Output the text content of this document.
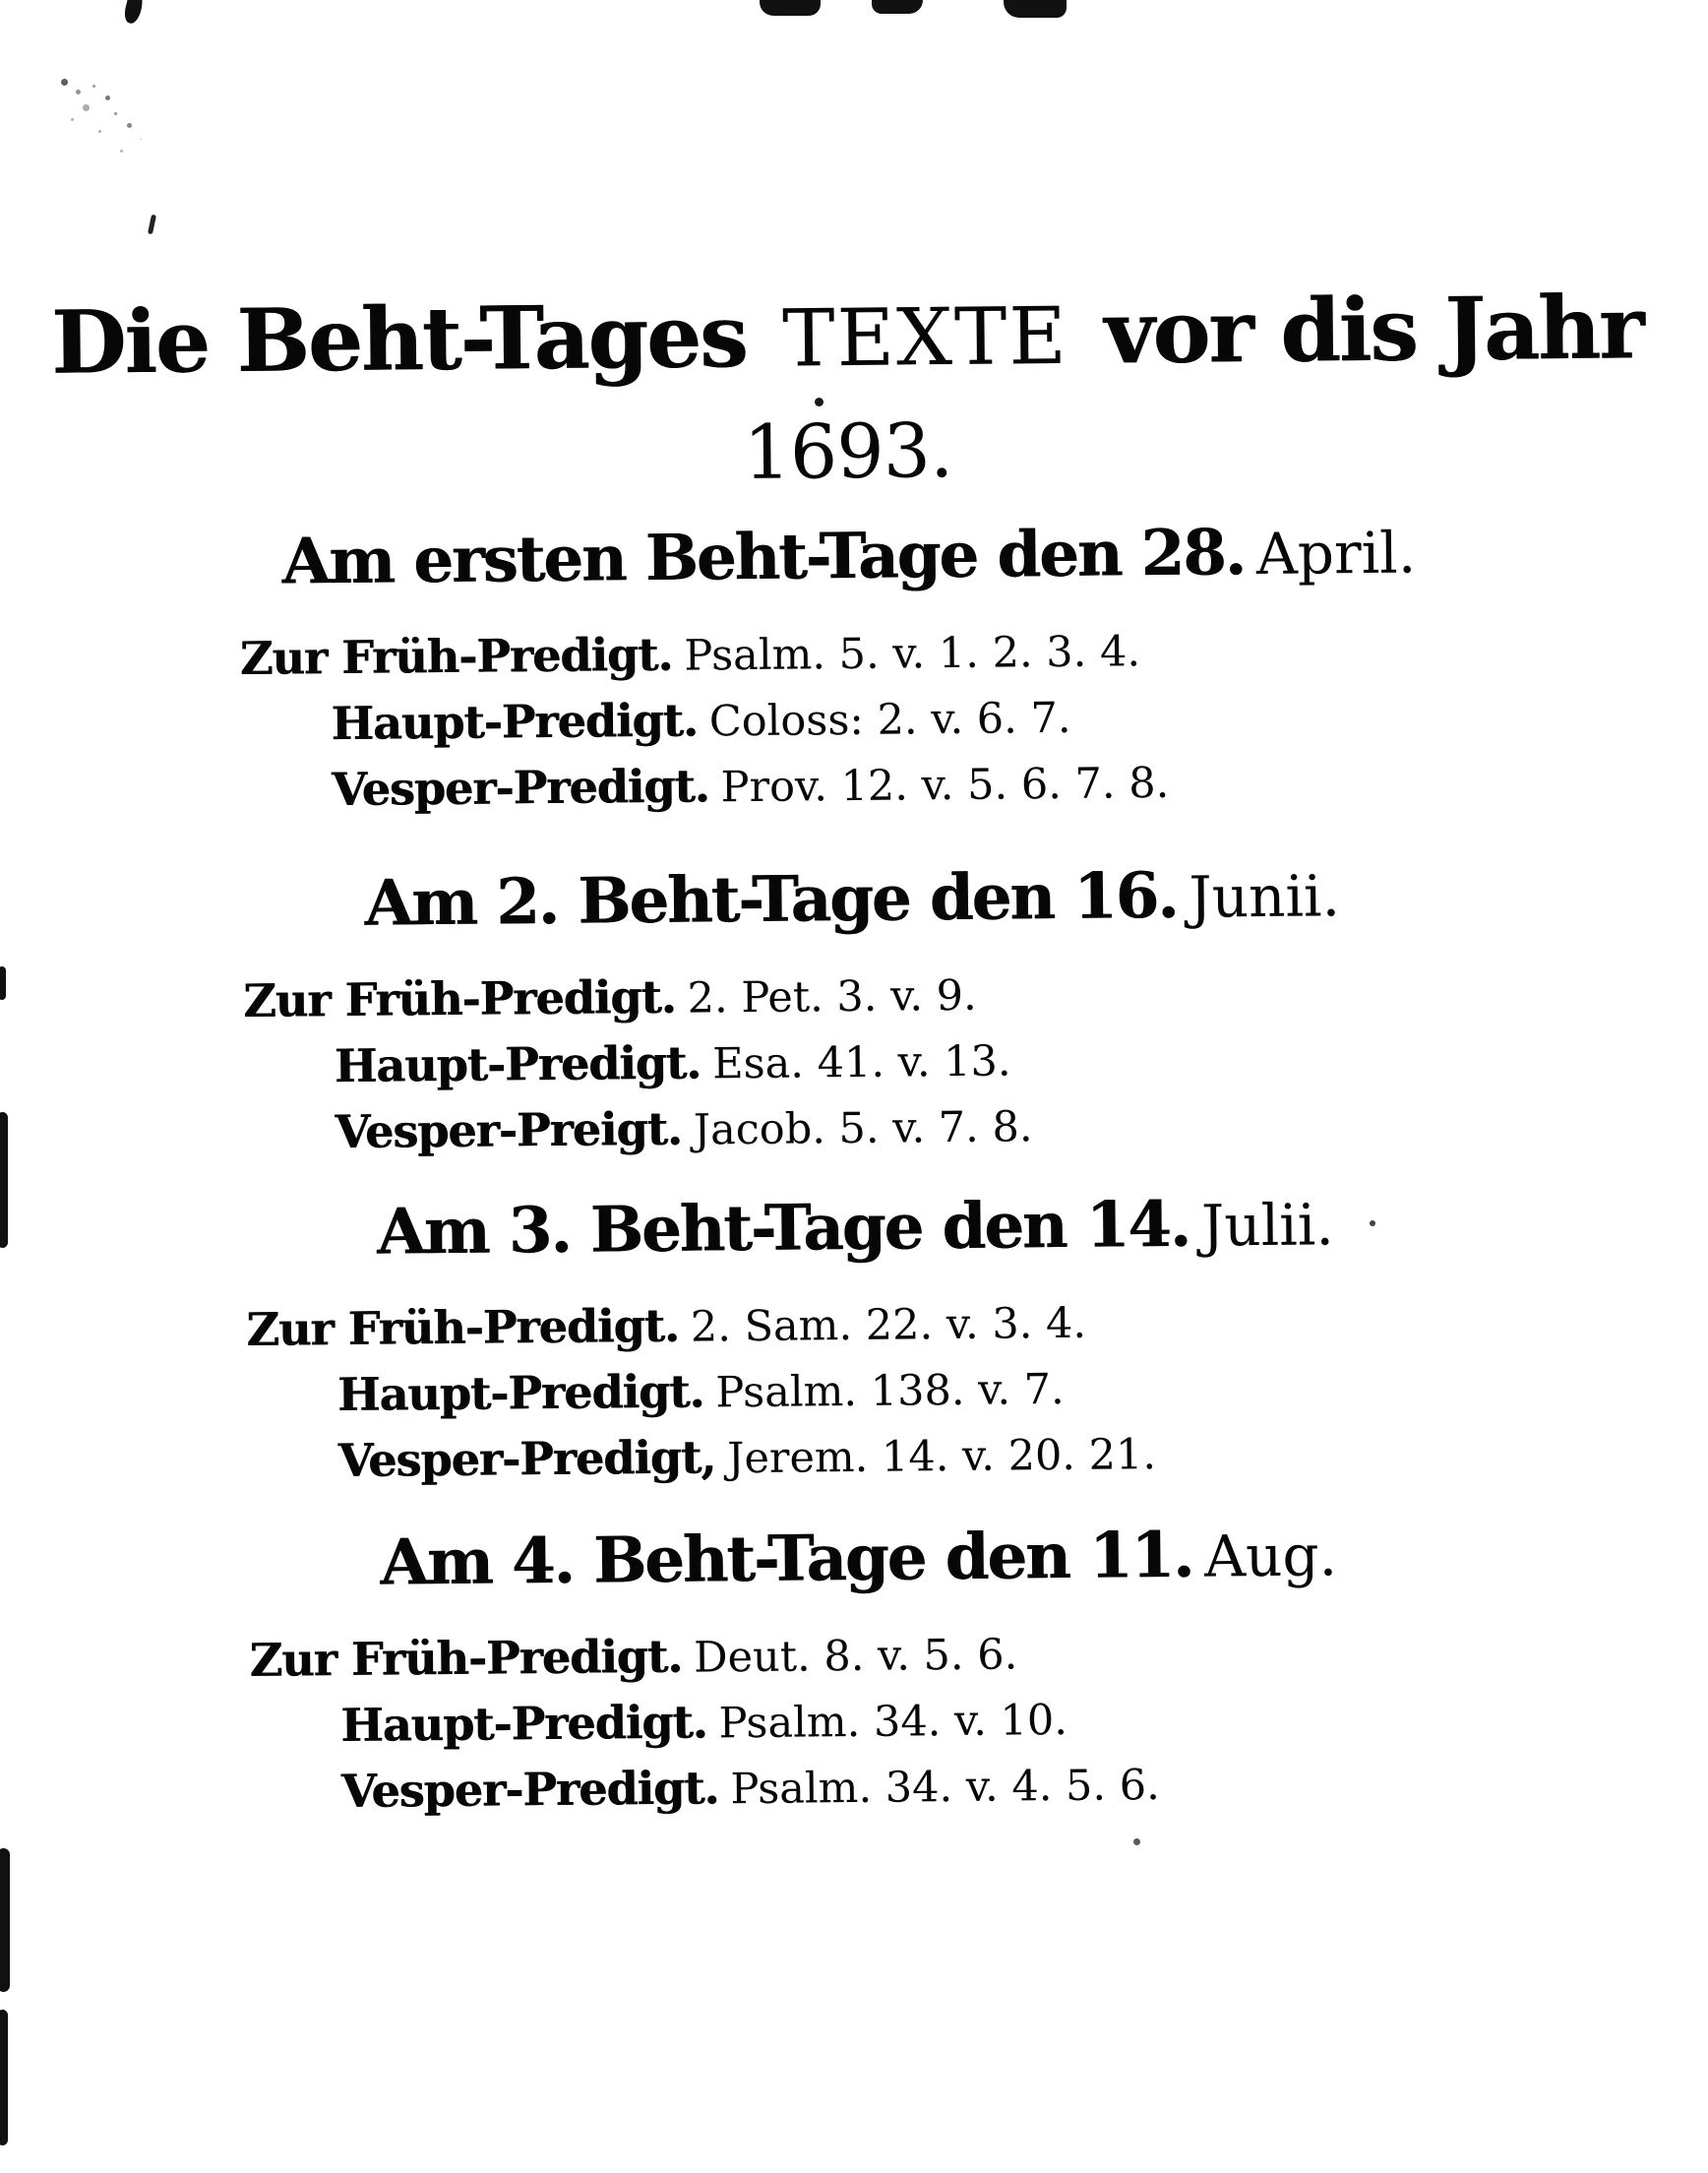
Die Beht-Tages TEXTE vor dis Jahr
1693.
Am ersten Beht-Tage den 28. April.

Zur Früh-Predigt. Psalm. 5. v. 1. 2. 3. 4.

Haupt-Predigt. Coloss: 2. v. 6. 7.

Vesper-Predigt. Prov. 12. v. 5. 6. 7. 8.

Am 2. Beht-Tage den 16. Junii.

Zur Früh-Predigt. 2. Pet. 3. v. 9.

Haupt-Predigt. Esa. 41. v. 13.

Vesper-Preigt. Jacob. 5. v. 7. 8.

Am 3. Beht-Tage den 14. Julii.

Zur Früh-Predigt. 2. Sam. 22. v. 3. 4.

Haupt-Predigt. Psalm. 138. v. 7.

Vesper-Predigt, Jerem. 14. v. 20. 21.

Am 4. Beht-Tage den 11. Aug.

Zur Früh-Predigt. Deut. 8. v. 5. 6.

Haupt-Predigt. Psalm. 34. v. 10.

Vesper-Predigt. Psalm. 34. v. 4. 5. 6.
